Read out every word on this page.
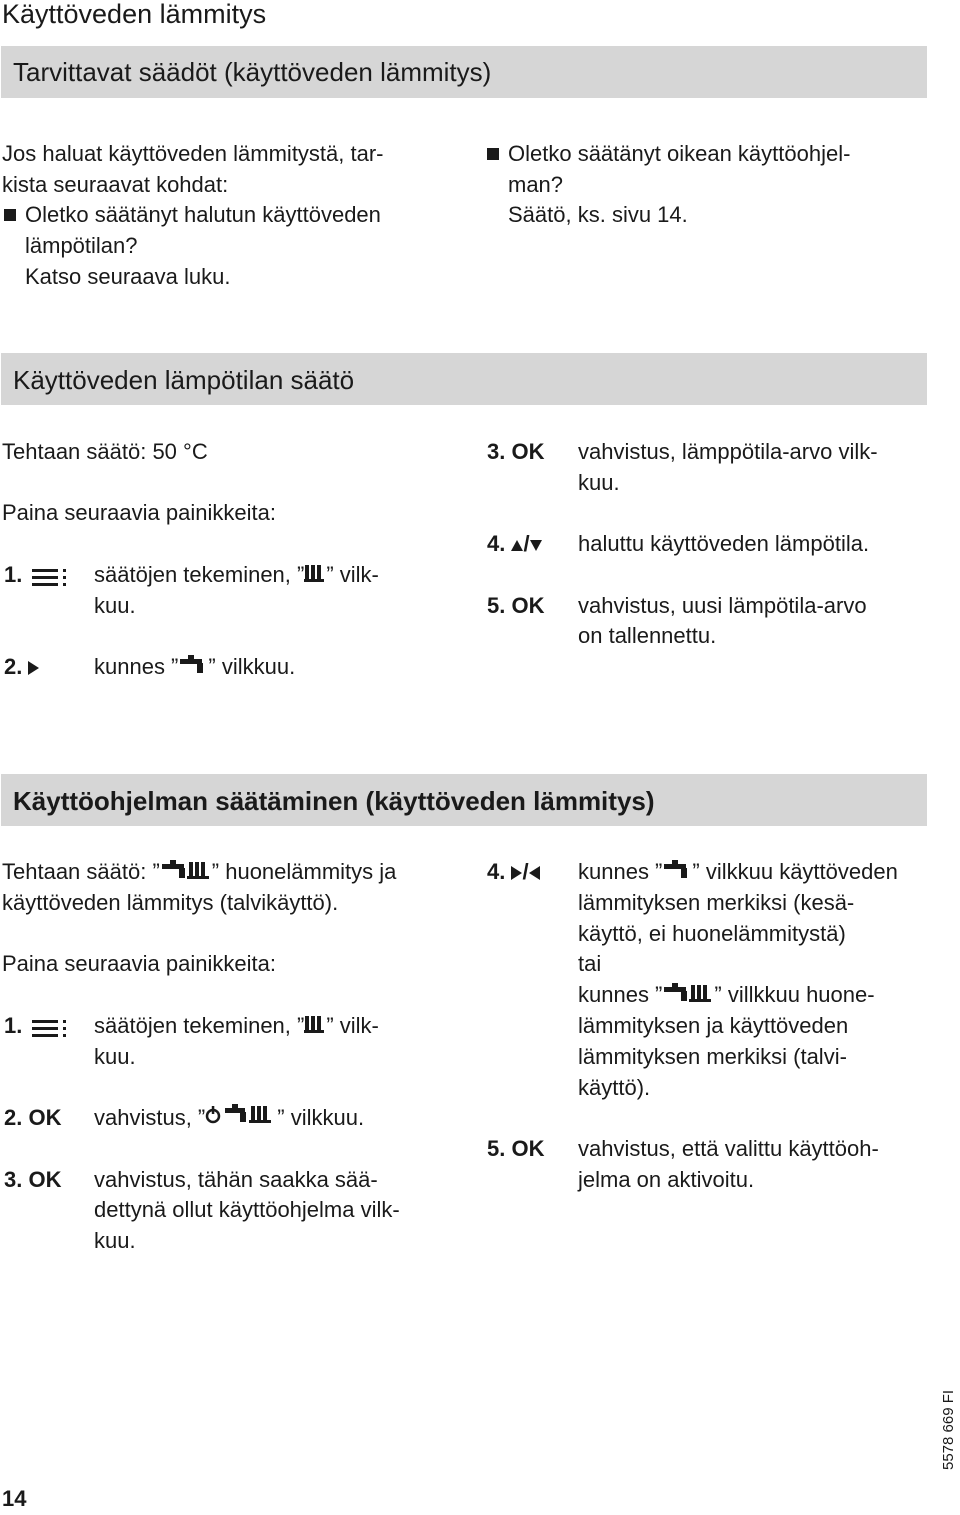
Käyttöveden lämmitys
Tarvittavat säädöt (käyttöveden lämmitys)
Jos haluat käyttöveden lämmitystä, tar-
kista seuraavat kohdat:
Oletko säätänyt halutun käyttöveden
lämpötilan?
Katso seuraava luku.
Oletko säätänyt oikean käyttöohjel-
man?
Säätö, ks. sivu 14.
Käyttöveden lämpötilan säätö
Tehtaan säätö: 50 °C
Paina seuraavia painikkeita:
1.	säätöjen tekeminen, ” ” vilk-
kuu.
2.	kunnes ” ” vilkkuu.
3. OK vahvistus, lämppötila-arvo vilk-
kuu.
4. /	haluttu käyttöveden lämpötila.
5. OK vahvistus, uusi lämpötila-arvo
on tallennettu.
Käyttöohjelman säätäminen (käyttöveden lämmitys)
Tehtaan säätö: ” ” huonelämmitys ja
käyttöveden lämmitys (talvikäyttö).
Paina seuraavia painikkeita:
1.	säätöjen tekeminen, ” ” vilk-
kuu.
2. OK vahvistus, ”	” vilkkuu.
3. OK vahvistus, tähän saakka sää-
dettynä ollut käyttöohjelma vilk-
kuu.
4. /	kunnes ” ” vilkkuu käyttöveden
lämmityksen merkiksi (kesä-
käyttö, ei huonelämmitystä)
tai
kunnes ” ” villkkuu huone-
lämmityksen ja käyttöveden
lämmityksen merkiksi (talvi-
käyttö).
5. OK vahvistus, että valittu käyttöoh-
jelma on aktivoitu.
5578 669 FI
14
